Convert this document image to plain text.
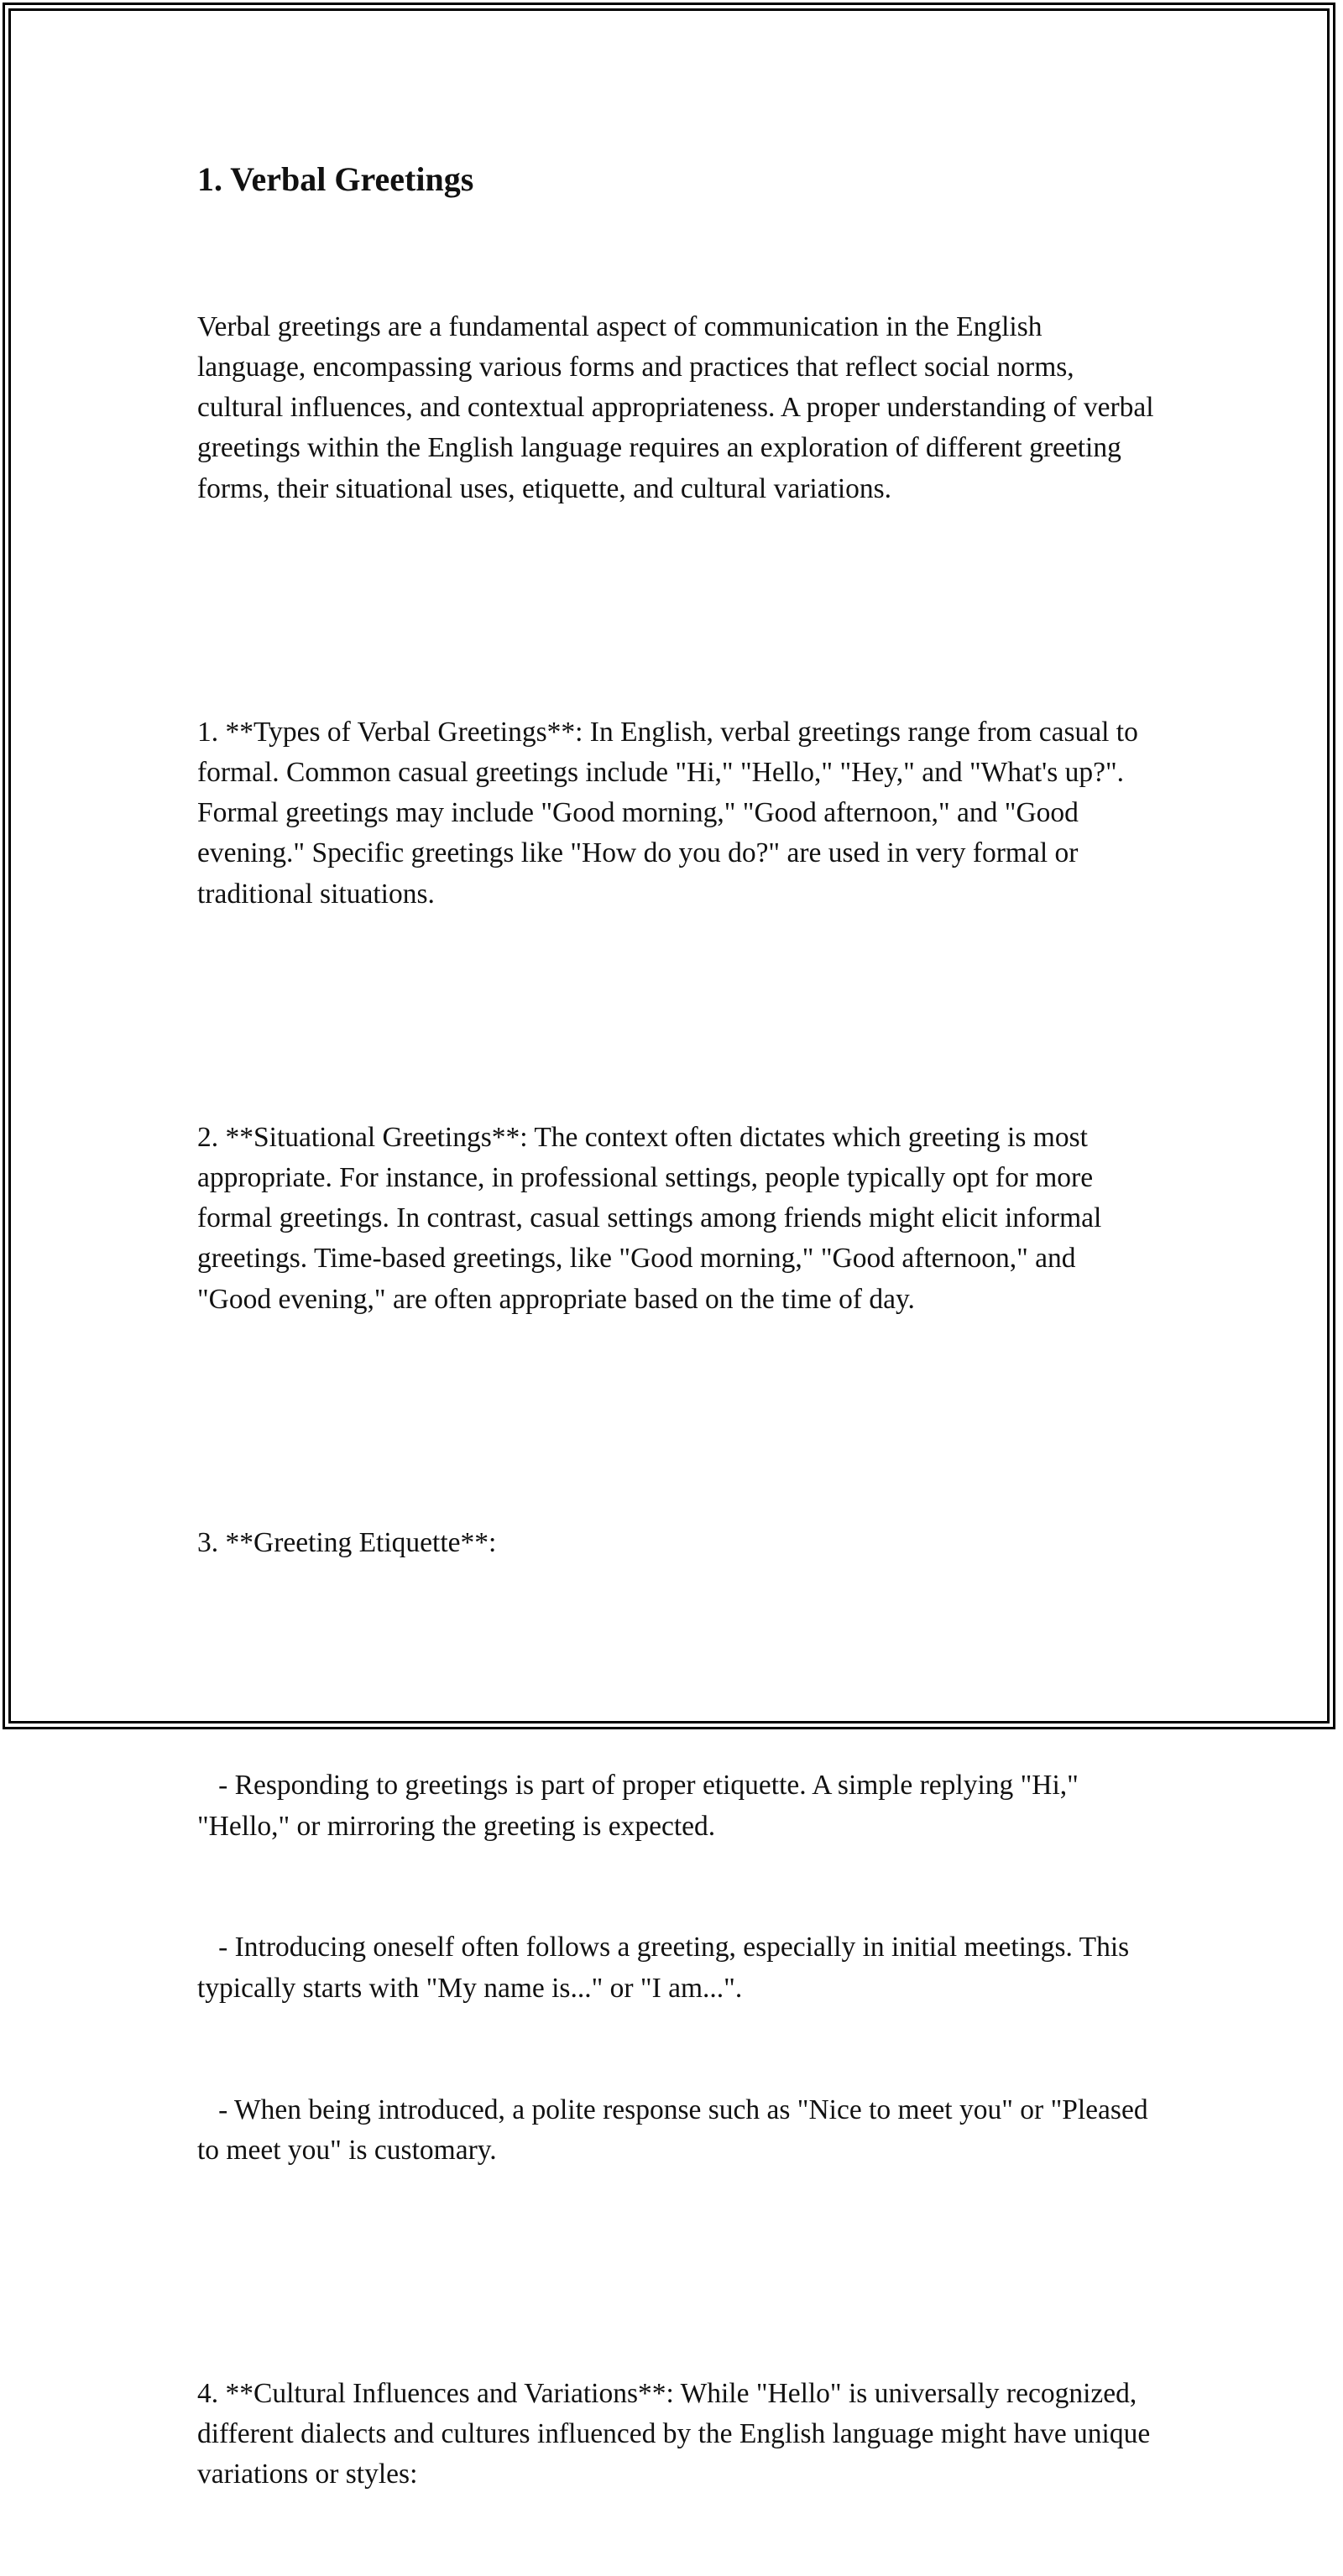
1. Verbal Greetings

Verbal greetings are a fundamental aspect of communication in the English language, encompassing various forms and practices that reflect social norms, cultural influences, and contextual appropriateness. A proper understanding of verbal greetings within the English language requires an exploration of different greeting forms, their situational uses, etiquette, and cultural variations.

1. **Types of Verbal Greetings**: In English, verbal greetings range from casual to formal. Common casual greetings include "Hi," "Hello," "Hey," and "What's up?". Formal greetings may include "Good morning," "Good afternoon," and "Good evening." Specific greetings like "How do you do?" are used in very formal or traditional situations.

2. **Situational Greetings**: The context often dictates which greeting is most appropriate. For instance, in professional settings, people typically opt for more formal greetings. In contrast, casual settings among friends might elicit informal greetings. Time-based greetings, like "Good morning," "Good afternoon," and "Good evening," are often appropriate based on the time of day.

3. **Greeting Etiquette**:

- Responding to greetings is part of proper etiquette. A simple replying "Hi," "Hello," or mirroring the greeting is expected.

- Introducing oneself often follows a greeting, especially in initial meetings. This typically starts with "My name is..." or "I am...".

- When being introduced, a polite response such as "Nice to meet you" or "Pleased to meet you" is customary.

4. **Cultural Influences and Variations**: While "Hello" is universally recognized, different dialects and cultures influenced by the English language might have unique variations or styles:
